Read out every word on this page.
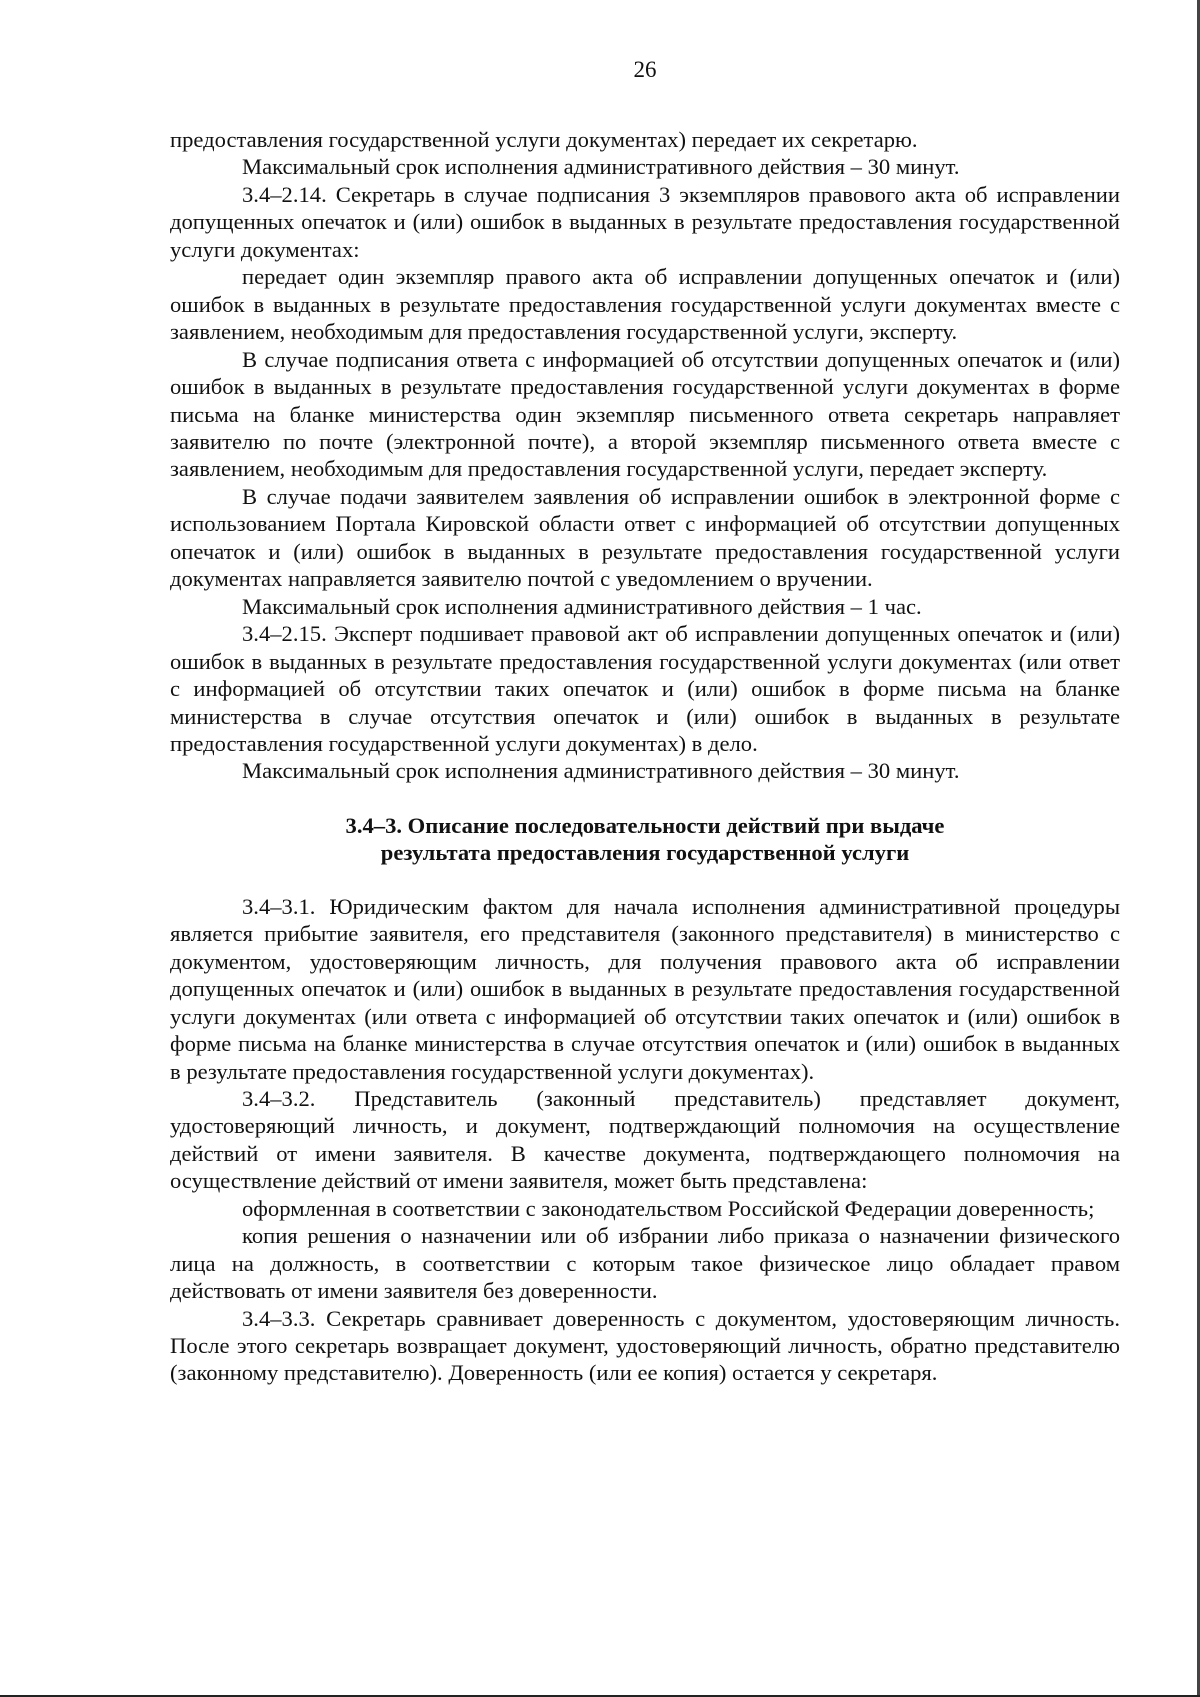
26

предоставления государственной услуги документах) передает их секретарю.

Максимальный срок исполнения административного действия – 30 минут.

3.4–2.14. Секретарь в случае подписания 3 экземпляров правового акта об исправлении допущенных опечаток и (или) ошибок в выданных в результате предоставления государственной услуги документах:

передает один экземпляр правого акта об исправлении допущенных опечаток и (или) ошибок в выданных в результате предоставления государственной услуги документах вместе с заявлением, необходимым для предоставления государственной услуги, эксперту.

В случае подписания ответа с информацией об отсутствии допущенных опечаток и (или) ошибок в выданных в результате предоставления государственной услуги документах в форме письма на бланке министерства один экземпляр письменного ответа секретарь направляет заявителю по почте (электронной почте), а второй экземпляр письменного ответа вместе с заявлением, необходимым для предоставления государственной услуги, передает эксперту.

В случае подачи заявителем заявления об исправлении ошибок в электронной форме с использованием Портала Кировской области ответ с информацией об отсутствии допущенных опечаток и (или) ошибок в выданных в результате предоставления государственной услуги документах направляется заявителю почтой с уведомлением о вручении.

Максимальный срок исполнения административного действия – 1 час.

3.4–2.15. Эксперт подшивает правовой акт об исправлении допущенных опечаток и (или) ошибок в выданных в результате предоставления государственной услуги документах (или ответ с информацией об отсутствии таких опечаток и (или) ошибок в форме письма на бланке министерства в случае отсутствия опечаток и (или) ошибок в выданных в результате предоставления государственной услуги документах) в дело.

Максимальный срок исполнения административного действия – 30 минут.

3.4–3. Описание последовательности действий при выдаче

результата предоставления государственной услуги

3.4–3.1. Юридическим фактом для начала исполнения административной процедуры является прибытие заявителя, его представителя (законного представителя) в министерство с документом, удостоверяющим личность, для получения правового акта об исправлении допущенных опечаток и (или) ошибок в выданных в результате предоставления государственной услуги документах (или ответа с информацией об отсутствии таких опечаток и (или) ошибок в форме письма на бланке министерства в случае отсутствия опечаток и (или) ошибок в выданных в результате предоставления государственной услуги документах).

3.4–3.2. Представитель (законный представитель) представляет документ, удостоверяющий личность, и документ, подтверждающий полномочия на осуществление действий от имени заявителя. В качестве документа, подтверждающего полномочия на осуществление действий от имени заявителя, может быть представлена:

оформленная в соответствии с законодательством Российской Федерации доверенность;

копия решения о назначении или об избрании либо приказа о назначении физического лица на должность, в соответствии с которым такое физическое лицо обладает правом действовать от имени заявителя без доверенности.

3.4–3.3. Секретарь сравнивает доверенность с документом, удостоверяющим личность. После этого секретарь возвращает документ, удостоверяющий личность, обратно представителю (законному представителю). Доверенность (или ее копия) остается у секретаря.
